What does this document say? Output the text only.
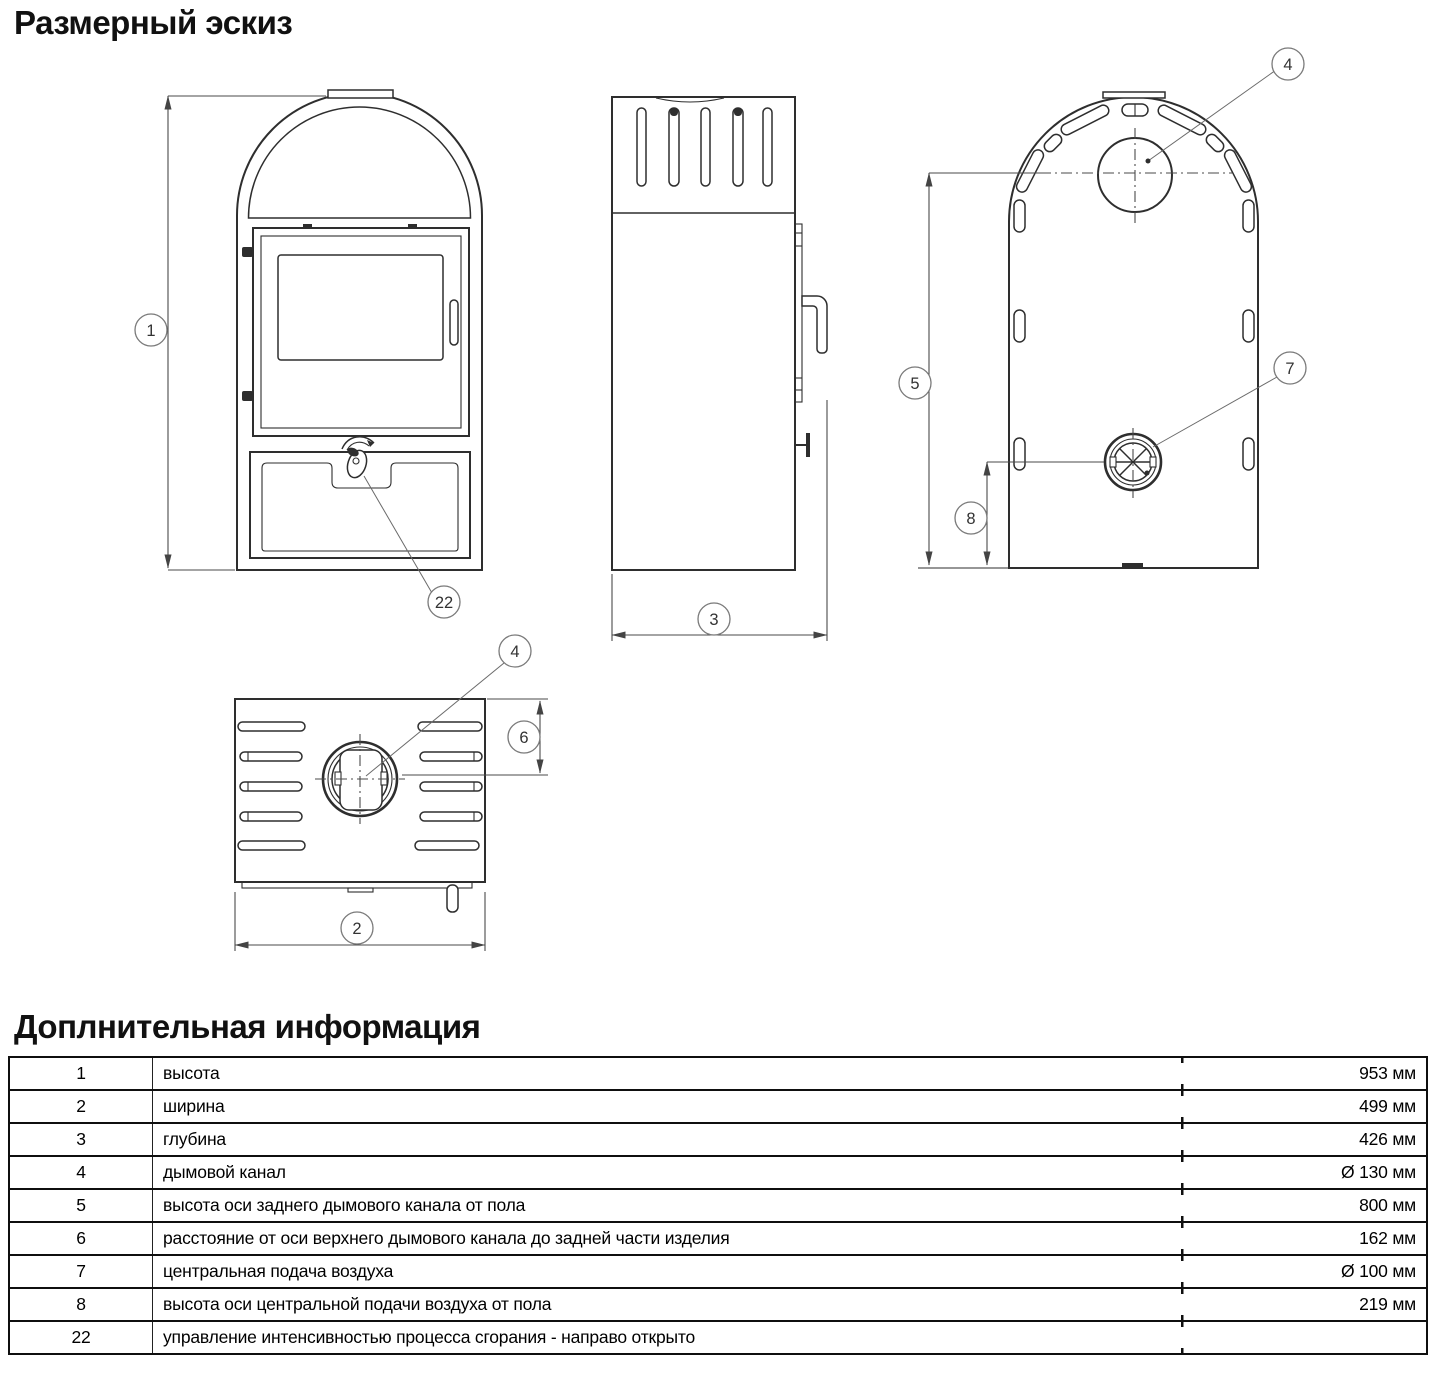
Размерный эскиз
1
22
3
4
7
5
8
4
6
2
Доплнительная информация
1	высота	953 мм
2	ширина	499 мм
3	глубина	426 мм
4	дымовой канал	Ø 130 мм
5	высота оси заднего дымового канала от пола	800 мм
6	расстояние от оси верхнего дымового канала до задней части изделия	162 мм
7	центральная подача воздуха	Ø 100 мм
8	высота оси центральной подачи воздуха от пола	219 мм
22	управление интенсивностью процесса сгорания - направо открыто	
